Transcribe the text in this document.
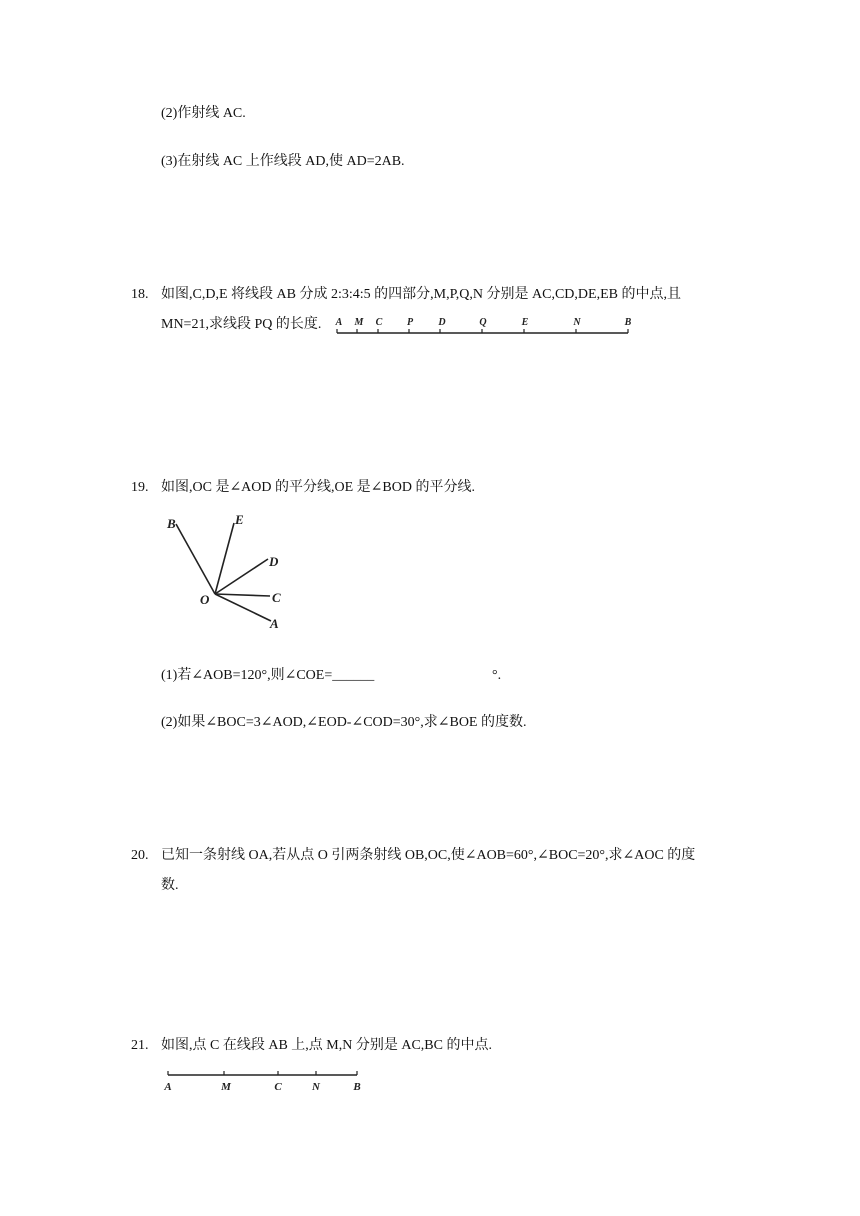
(2)作射线 AC.
(3)在射线 AC 上作线段 AD,使 AD=2AB.
18. 如图,C,D,E 将线段 AB 分成 2:3:4:5 的四部分,M,P,Q,N 分别是 AC,CD,DE,EB 的中点,且
MN=21,求线段 PQ 的长度. A M C P	D	Q	E	N	B
19. 如图,OC 是∠AOD 的平分线,OE 是∠BOD 的平分线.
B	E
D
O	C
A
(1)若∠AOB=120°,则∠COE=______	°.
(2)如果∠BOC=3∠AOD,∠EOD-∠COD=30°,求∠BOE 的度数.
20. 已知一条射线 OA,若从点 O 引两条射线 OB,OC,使∠AOB=60°,∠BOC=20°,求∠AOC 的度
数.
21. 如图,点 C 在线段 AB 上,点 M,N 分别是 AC,BC 的中点.
A	M	C	N	B
